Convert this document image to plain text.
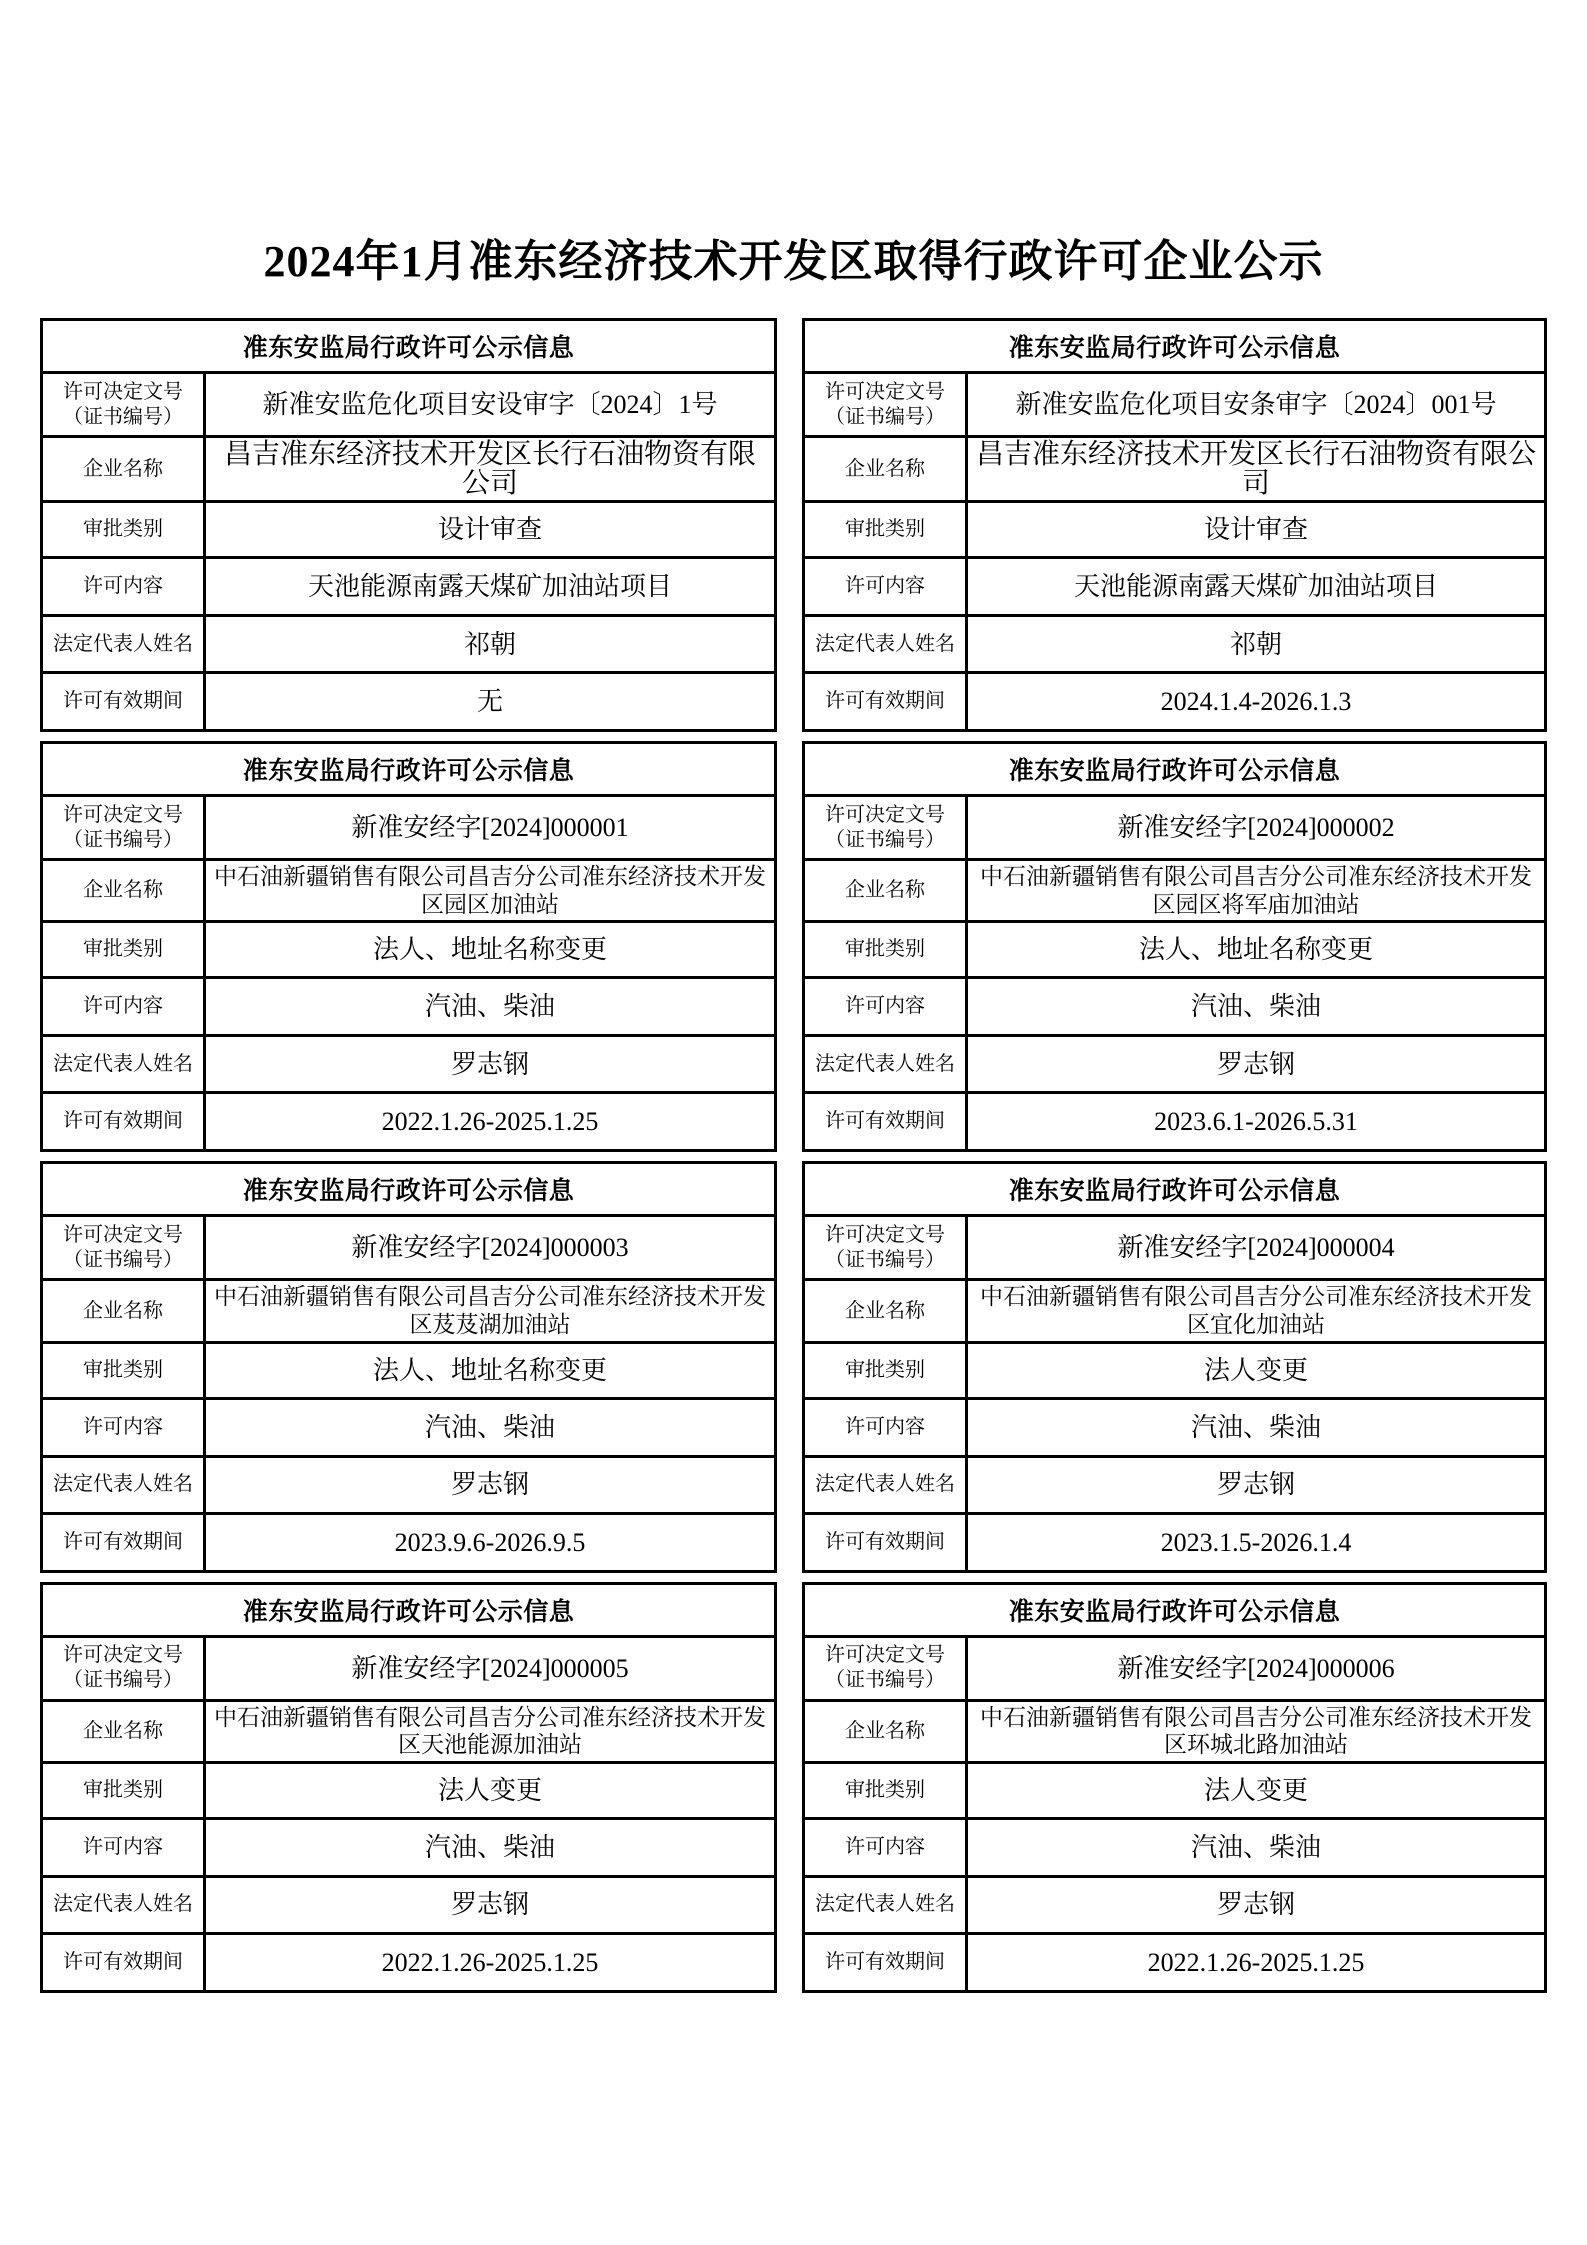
2024年1月准东经济技术开发区取得行政许可企业公示
准东安监局行政许可公示信息	

许可决定文号
（证书编号）	新准安监危化项目安设审字〔2024〕1号
企业名称	昌吉准东经济技术开发区长行石油物资有限公司
审批类别	设计审查
许可内容	天池能源南露天煤矿加油站项目
法定代表人姓名	祁朝
许可有效期间	无
准东安监局行政许可公示信息	

许可决定文号
（证书编号）	新准安监危化项目安条审字〔2024〕001号
企业名称	昌吉准东经济技术开发区长行石油物资有限公司
审批类别	设计审查
许可内容	天池能源南露天煤矿加油站项目
法定代表人姓名	祁朝
许可有效期间	2024.1.4-2026.1.3
准东安监局行政许可公示信息	

许可决定文号
（证书编号）	新准安经字[2024]000001
企业名称	中石油新疆销售有限公司昌吉分公司准东经济技术开发区园区加油站
审批类别	法人、地址名称变更
许可内容	汽油、柴油
法定代表人姓名	罗志钢
许可有效期间	2022.1.26-2025.1.25
准东安监局行政许可公示信息	

许可决定文号
（证书编号）	新准安经字[2024]000002
企业名称	中石油新疆销售有限公司昌吉分公司准东经济技术开发区园区将军庙加油站
审批类别	法人、地址名称变更
许可内容	汽油、柴油
法定代表人姓名	罗志钢
许可有效期间	2023.6.1-2026.5.31
准东安监局行政许可公示信息	

许可决定文号
（证书编号）	新准安经字[2024]000003
企业名称	中石油新疆销售有限公司昌吉分公司准东经济技术开发区芨芨湖加油站
审批类别	法人、地址名称变更
许可内容	汽油、柴油
法定代表人姓名	罗志钢
许可有效期间	2023.9.6-2026.9.5
准东安监局行政许可公示信息	

许可决定文号
（证书编号）	新准安经字[2024]000004
企业名称	中石油新疆销售有限公司昌吉分公司准东经济技术开发区宜化加油站
审批类别	法人变更
许可内容	汽油、柴油
法定代表人姓名	罗志钢
许可有效期间	2023.1.5-2026.1.4
准东安监局行政许可公示信息	

许可决定文号
（证书编号）	新准安经字[2024]000005
企业名称	中石油新疆销售有限公司昌吉分公司准东经济技术开发区天池能源加油站
审批类别	法人变更
许可内容	汽油、柴油
法定代表人姓名	罗志钢
许可有效期间	2022.1.26-2025.1.25
准东安监局行政许可公示信息	

许可决定文号
（证书编号）	新准安经字[2024]000006
企业名称	中石油新疆销售有限公司昌吉分公司准东经济技术开发区环城北路加油站
审批类别	法人变更
许可内容	汽油、柴油
法定代表人姓名	罗志钢
许可有效期间	2022.1.26-2025.1.25
